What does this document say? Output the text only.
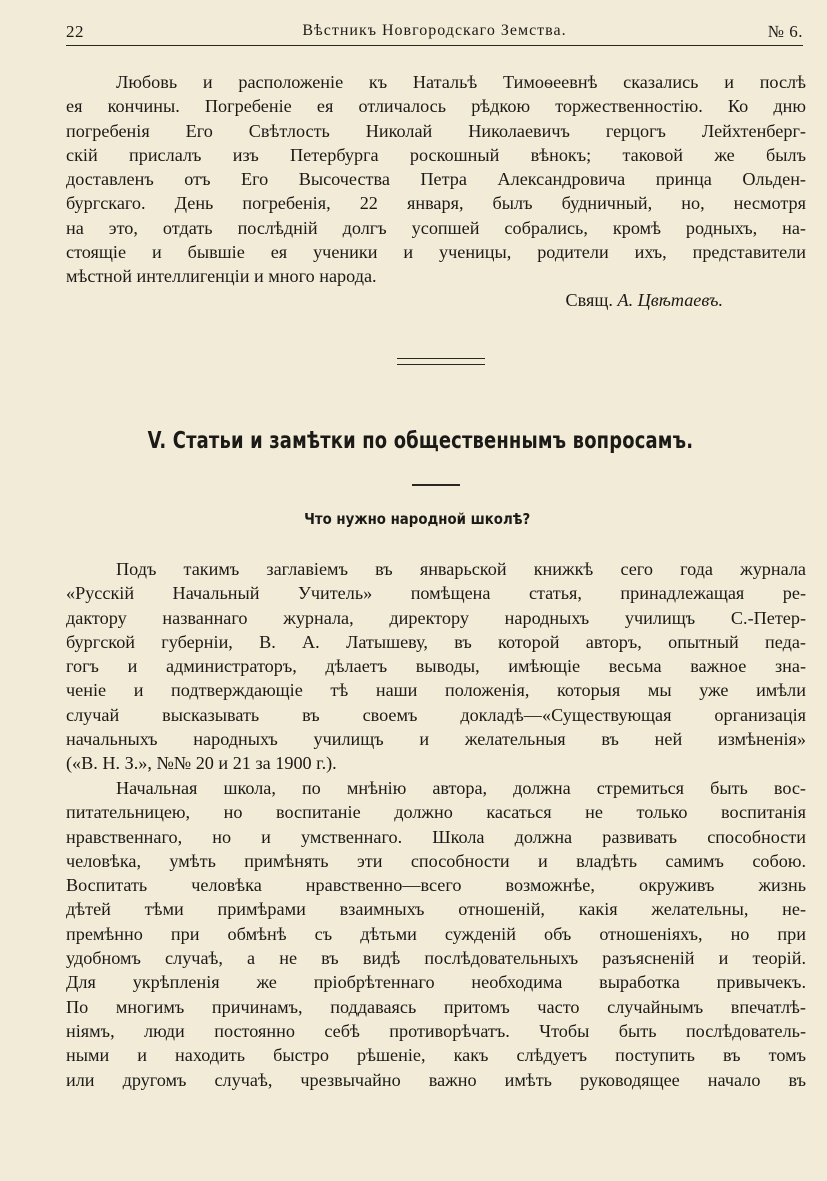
22	Вѣстникъ Новгородскаго Земства.	№ 6.

Любовь и расположеніе къ Натальѣ Тимоѳеевнѣ сказались и послѣ
ея кончины. Погребеніе ея отличалось рѣдкою торжественностію. Ко дню
погребенія Его Свѣтлость Николай Николаевичъ герцогъ Лейхтенберг-
скій прислалъ изъ Петербурга роскошный вѣнокъ; таковой же былъ
доставленъ отъ Его Высочества Петра Александровича принца Ольден-
бургскаго. День погребенія, 22 января, былъ будничный, но, несмотря
на это, отдать послѣдній долгъ усопшей собрались, кромѣ родныхъ, на-
стоящіе и бывшіе ея ученики и ученицы, родители ихъ, представители
мѣстной интеллигенціи и много народа.

Свящ. А. Цвѣтаевъ.
V. Статьи и замѣтки по общественнымъ вопросамъ.
Что нужно народной школѣ?

Подъ такимъ заглавіемъ въ январьской книжкѣ сего года журнала
«Русскій Начальный Учитель» помѣщена статья, принадлежащая ре-
дактору названнаго журнала, директору народныхъ училищъ С.-Петер-
бургской губерніи, В. А. Латышеву, въ которой авторъ, опытный педа-
гогъ и администраторъ, дѣлаетъ выводы, имѣющіе весьма важное зна-
ченіе и подтверждающіе тѣ наши положенія, которыя мы уже имѣли
случай высказывать въ своемъ докладѣ—«Существующая организація
начальныхъ народныхъ училищъ и желательныя въ ней измѣненія»
(«В. Н. З.», №№ 20 и 21 за 1900 г.).

Начальная школа, по мнѣнію автора, должна стремиться быть вос-
питательницею, но воспитаніе должно касаться не только воспитанія
нравственнаго, но и умственнаго. Школа должна развивать способности
человѣка, умѣть примѣнять эти способности и владѣть самимъ собою.
Воспитать человѣка нравственно—всего возможнѣе, окруживъ жизнь
дѣтей тѣми примѣрами взаимныхъ отношеній, какія желательны, не-
премѣнно при обмѣнѣ съ дѣтьми сужденій объ отношеніяхъ, но при
удобномъ случаѣ, а не въ видѣ послѣдовательныхъ разъясненій и теорій.
Для укрѣпленія же пріобрѣтеннаго необходима выработка привычекъ.
По многимъ причинамъ, поддаваясь притомъ часто случайнымъ впечатлѣ-
ніямъ, люди постоянно себѣ противорѣчатъ. Чтобы быть послѣдователь-
ными и находить быстро рѣшеніе, какъ слѣдуетъ поступить въ томъ
или другомъ случаѣ, чрезвычайно важно имѣть руководящее начало въ
